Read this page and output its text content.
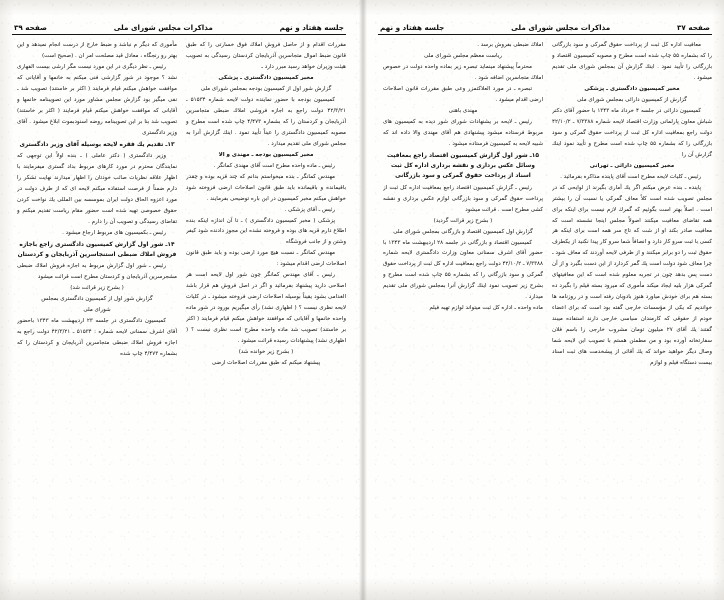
صفحه ۳۷
مذاكرات مجلس شوراى ملى
جلسه هفتاد و نهم

معافيت اداره كل ثبت از پرداخت حقوق گمركى و سود بازرگانى را كه بشماره ۵۵ چاپ شده است مطرح و مصوبه كميسيون اقتصاد و بازرگانى را تأييد نمود . اينك گزارش آن بمجلس شوراى ملى تقديم ميشود .

مخبر كميسيون دادگسترى ـ پزشكى

گزارش از كميسيون دارائى بمجلس شوراى ملى

كميسيون دارائى در جلسه ۴ خرداد ماه ۱۳۴۳ با حضور آقاى دكتر شباش معاون پارلمانى وزارت اقتصاد لايحه شماره ۷/۳۳۸۸ ـ ۴۲/۱۰/۲ دولت راجع بمعافيت اداره كل ثبت از پرداخت حقوق گمركى و سود بازرگانى را كه بشماره ۵۵ چاپ شده است مطرح و تأييد نمود اينك گزارش آن را

مخبر كميسيون دارائى ـ تهرانى

رئيس ـ كليات لايحه مطرح است آقاى پاينده مذاكره بفرمائيد .

پاينده ـ بنده عرض ميكنم اگر يك آمارى بگيرند از لوايحى كه در مجلس تصويب شده است كلاً معاف گمركى يا نسبت آن را بيشتر است . اصلاً بهتر است بگوئيم كه گمرك لازم نيست براى اينكه براى همه تقاضاى معافيت ميكنند اصولاً مجلس اينجا نشسته است كه معافيت صادر بكند او از شت كه تاج سر همه است براى اينكه هر كسى با ثبت سرو كار دارد و انصافاً شما سرو كار پيدا نكنيد از يكطرف حقوق ثبت را دو برابر ميكنند و از طرفى لايحه آوردند كه معاف شود ـ چرا معاف شود دولت است يك گمر كردارد از اين دست بگيرد و از آن دست پس بدهد چون در تجربه معلوم شده است كه اين معافيتهاى گمركى هزار بليه ايجاد ميكند مأمورى كه ميرود بسته فيلم را بگيرد ده بسته هم براى خودش مياورد هنوز بادوبان رفته است و در روزنامه ها خوانديم كه يكى از مؤسسات خارجى گفته بود است كه براى اعضاء خودم از حقوقى كه كارمندان سياسى خارجى دارند استفاده ميبند گفتند يك آقاى ۲۷ ميليون تومان مشروب خارجى را باسم فلان سفارتخانه آورده بود و من مطمئن هستم با تصويب اين لايحه شما وصال ديگر خواهيد خواند كه يك آقائى از پيشخدمت هاى ثبت اسناد بيست دستگاه فيلم و لوازم

املاك ضبطى بفروش برسد .

رياست معظم مجلس شوراى ملى

محترماً پيشنهاد مينمايد تبصره زير بماده واحده دولت در خصوص املاك متجاسرين اضافه شود .

تبصره ـ در مورد العلاكتمزر وعى طبق مقررات قانون اصلاحات ارضى اقدام ميشود .

مهندى باهنى

رئيس ـ لايحه بر يشنهادات شوراى شور ديده به كميسيون هاى مربوط فرستاده ميشود پيشنهادى هم آقاى مهندى والا داده اند كه شبيه لايحه به كميسيون فرستاده ميشود .

۱۵ـ شور اول گزارش كميسيون اقتصاد راجع بمعافيت وسائل عكس بردارى و نقشه بردارى اداره كل ثبت اسناد از پرداخت حقوق گمركى و سود بازرگانى

رئيس ـ گزارش كميسيون اقتصاد راجع بمعافيت اداره كل ثبت از پرداخت حقوق گمركى و سود بازرگانى لوازم عكس بردارى و نقشه كشى مطرح است . قرائت ميشود

( بشرح زير قرائت گرديد)

گزارش اول كميسيون اقتصاد و بازرگانى بمجلس شوراى ملى

كميسيون اقتصاد و بازرگانى در جلسه ۲۸ ارديبهشت ماه ۱۳۴۳ با حضور آقاى اشرف سمنانى معاون وزارت دادگسترى لايحه شماره ۷/۳۳۸۸ ـ ۴۲/۱۰/۲ دولت راجع بمعافيت اداره كل ثبت از پرداخت حقوق گمركى و سود بازرگانى را كه بشماره ۵۵ چاپ شده است مطرح و بشرح زير تصويب نمود اينك گزارش آنرا بمجلس شوراى ملى تقديم ميدارد .

ماده واحده ـ اداره كل ثبت ميتواند لوازم تهيه فيلم

جلسه هفتاد و نهم
مذاكرات مجلس شوراى ملى
صفحه ۳۹

مقررات اقدام و از حاصل فروش املاك فوق خسارتى را كه طبق قانون ضبط اموال متجاسرين آذربايجان كردستان رسيدگى به تصويب هيئت وزيران خواهد رسيد مبرر دارد ـ

مخبر كميسيون دادگسترى ـ پزشكى

گزارش شور اول از كميسيون بودجه بمجلس شوراى ملى

كميسيون بودجه با حضور نماينده دولت لايحه شماره ۵۱۵۳۴ ـ ۴۲/۳/۲۱ دولت راجع به اجازه فروشى املاك ضبطى متجاسرين آذربايجان و كردستان را كه بشماره ۴/۴۷۳ چاپ شده است مطرح و مصوبه كميسيون دادگسترى را عيناً تأييد نمود . اينك گزارش آنرا به مجلس شوراى ملى تقديم ميدارد .

مخبر كميسيون بودجه ـ مهندى و الا

رئيس ـ ماده واحده مطرح است آقاى مهندى كمانگر .

مهندس كمانگر ـ بنده ميخواستم بدانم كه چند قريه بوده و چقدر باقيمانده و باقيمانده بايد طبق قانون اصلاحات ارضى فروخته شود خواهش ميكنم مخبر كميسيون در اين باره توضيحى بفرمايند .

رئيس ـ آقاى پزشكى .

پزشكى ( مخبر كميسيون دادگسترى ) ـ تا آن اندازه اينكه بنده اطلاع دارم قريه هاى بوده و فروخته نشده اين مجوز دادنده شود كيفر وشتن و از جانب فروشگاه

مهندس كمانگر ـ نسبت هيچ مورد ارضى بوده و بايد طبق قانون اصلاحات ارضى اقدام ميشود :

رئيس ـ آقاى مهندس كمانگر چون شور اول لايحه است هر اصلاحى داريد پيشنهاد بفرمائيد و اگر در اصل فروش هم قرار باشد الغدامى بشود يقيناً بوسيله اصلاحات ارضى فروخته ميشود ـ در كليات لايحه نظرى نيست ؟ ( اظهارى نشد) رأى ميگيريم بورود در شور ماده واحده خانمها و آقايانى كه موافقند خواهش ميكنم قيام فرمايند ( اكثر بر خاستند) تصويب شد ماده واحده مطرح است نظرى نيست ؟ ( اظهارى نشد) پيشنهادات رسيده قرائت ميشود .

( بشرح زير خوانده شد)

پيشنهاد ميكنم كه طبق مقررات اصلاحات ارضى

مأمورى كه ديگر م نباشد و ضبط خارج از درست انجام نميدهد و اين بهتر رو رنجگاه ، معادل قيد مصلحت امر ان . (صحيح است)

رئيس ـ نظر ديگرى در اين مورد نيست مگر ارشى بيست الفهارى نشد ؟ موجود در شور گزارشى فنى ميكنم به خانمها و آقايانى كه موافقت خواهش ميكنم قيام فرمايند ( اكثر بر خاستند) تصويب شد ـ نفى ميگير بود گزارش مجلس مشاور مورد اين تصويبنامه خانمها و آقايانى كه موافقت خواهش ميكنم قيام فرمايند ( اكثر بر خاستند) تصويب شد بنا بر اين تصويبنامه روضه اسنودبموت ابلاغ ميشود . آقاى وزير دادگسترى

۱۳ـ تقديم يك فقره لايحه بوسيله آقاى وزير دادگسترى

وزير دادگسترى ( دكتر عاملى ) ـ بنده اولاً اين توجهى كه نمايندگان محترم در مورد كارهاى مربوط بداد گسترى ميفرمايند با اظهار علاقه نظريات صائب خودتان را اظهار ميدارند نهايت تشكر را دارم ضمناً از فرصت استفاده ميكنم لايحه اى كه از طرف دولت در مورد اعزوه الحاق دولت ايران بموسسه بين المللى يك نواخت كردن حقوق خصوصى تهيه شده است حضور مقام رياست تقديم ميكنم و تقاضاى رسيدگى و تصويب آن را دارم .

رئيس ـ بكميسيون هاى مربوط ارجاع ميشود .

۱۴ـ شور اول گزارش كميسيون دادگسترى راجع باجازه فروش املاك ضبطى استنجاسرين آذربايجان و كردستان

رئيس ـ شور اول گزارش مربوط به اجازه فروش املاك ضبطى مشجرسرين آذربايجان و كردستان مطرح است قرائت ميشود

( بشرح زير قرائت شد)

گزارش شور اول از كميسيون دادگسترى بمجلس

شوراى ملى

كميسيون دادگسترى در جلسه ۲۳ ارديبهشت ماه ۱۳۴۳ باحضور آقاى اشرف سمنانى لايحه شماره : ۵۱۵۳۴ ـ ۴۲/۳/۲۱ دولت راجع به اجازه فروش املاك ضبطى متجاسرين آذربايجان و كردستان را كه بشماره ۴/۴۷۳ چاپ شده
